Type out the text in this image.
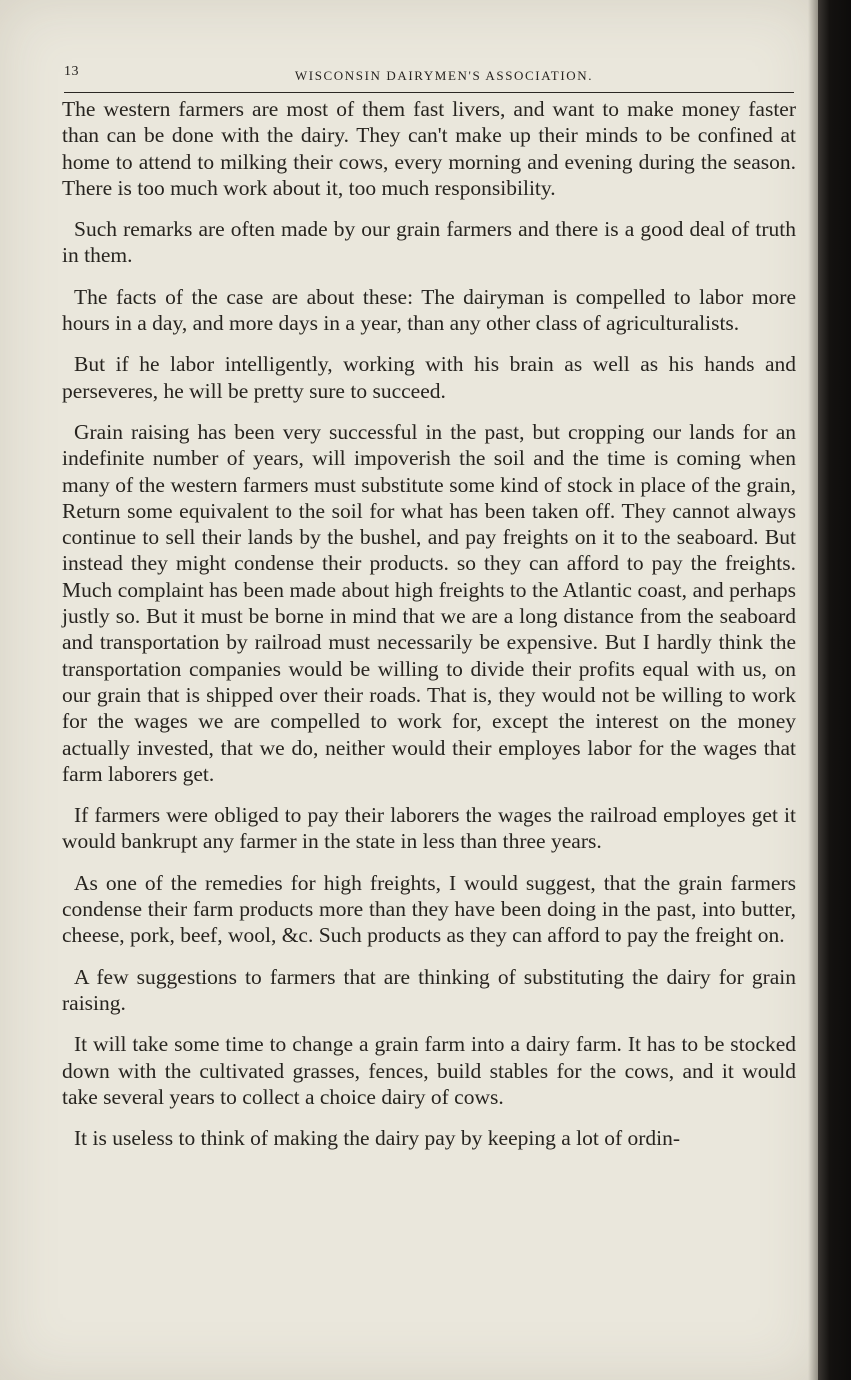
13	WISCONSIN DAIRYMEN'S ASSOCIATION.

The western farmers are most of them fast livers, and want to make money faster than can be done with the dairy. They can't make up their minds to be confined at home to attend to milking their cows, every morning and evening during the season. There is too much work about it, too much responsibility.

Such remarks are often made by our grain farmers and there is a good deal of truth in them.

The facts of the case are about these: The dairyman is compelled to labor more hours in a day, and more days in a year, than any other class of agriculturalists.

But if he labor intelligently, working with his brain as well as his hands and perseveres, he will be pretty sure to succeed.

Grain raising has been very successful in the past, but cropping our lands for an indefinite number of years, will impoverish the soil and the time is coming when many of the western farmers must substitute some kind of stock in place of the grain, Return some equivalent to the soil for what has been taken off. They cannot always continue to sell their lands by the bushel, and pay freights on it to the seaboard. But instead they might condense their products. so they can afford to pay the freights. Much complaint has been made about high freights to the Atlantic coast, and perhaps justly so. But it must be borne in mind that we are a long distance from the seaboard and transportation by railroad must necessarily be expensive. But I hardly think the transportation companies would be willing to divide their profits equal with us, on our grain that is shipped over their roads. That is, they would not be willing to work for the wages we are compelled to work for, except the interest on the money actually invested, that we do, neither would their employes labor for the wages that farm laborers get.

If farmers were obliged to pay their laborers the wages the railroad employes get it would bankrupt any farmer in the state in less than three years.

As one of the remedies for high freights, I would suggest, that the grain farmers condense their farm products more than they have been doing in the past, into butter, cheese, pork, beef, wool, &c. Such products as they can afford to pay the freight on.

A few suggestions to farmers that are thinking of substituting the dairy for grain raising.

It will take some time to change a grain farm into a dairy farm. It has to be stocked down with the cultivated grasses, fences, build stables for the cows, and it would take several years to collect a choice dairy of cows.

It is useless to think of making the dairy pay by keeping a lot of ordin-
